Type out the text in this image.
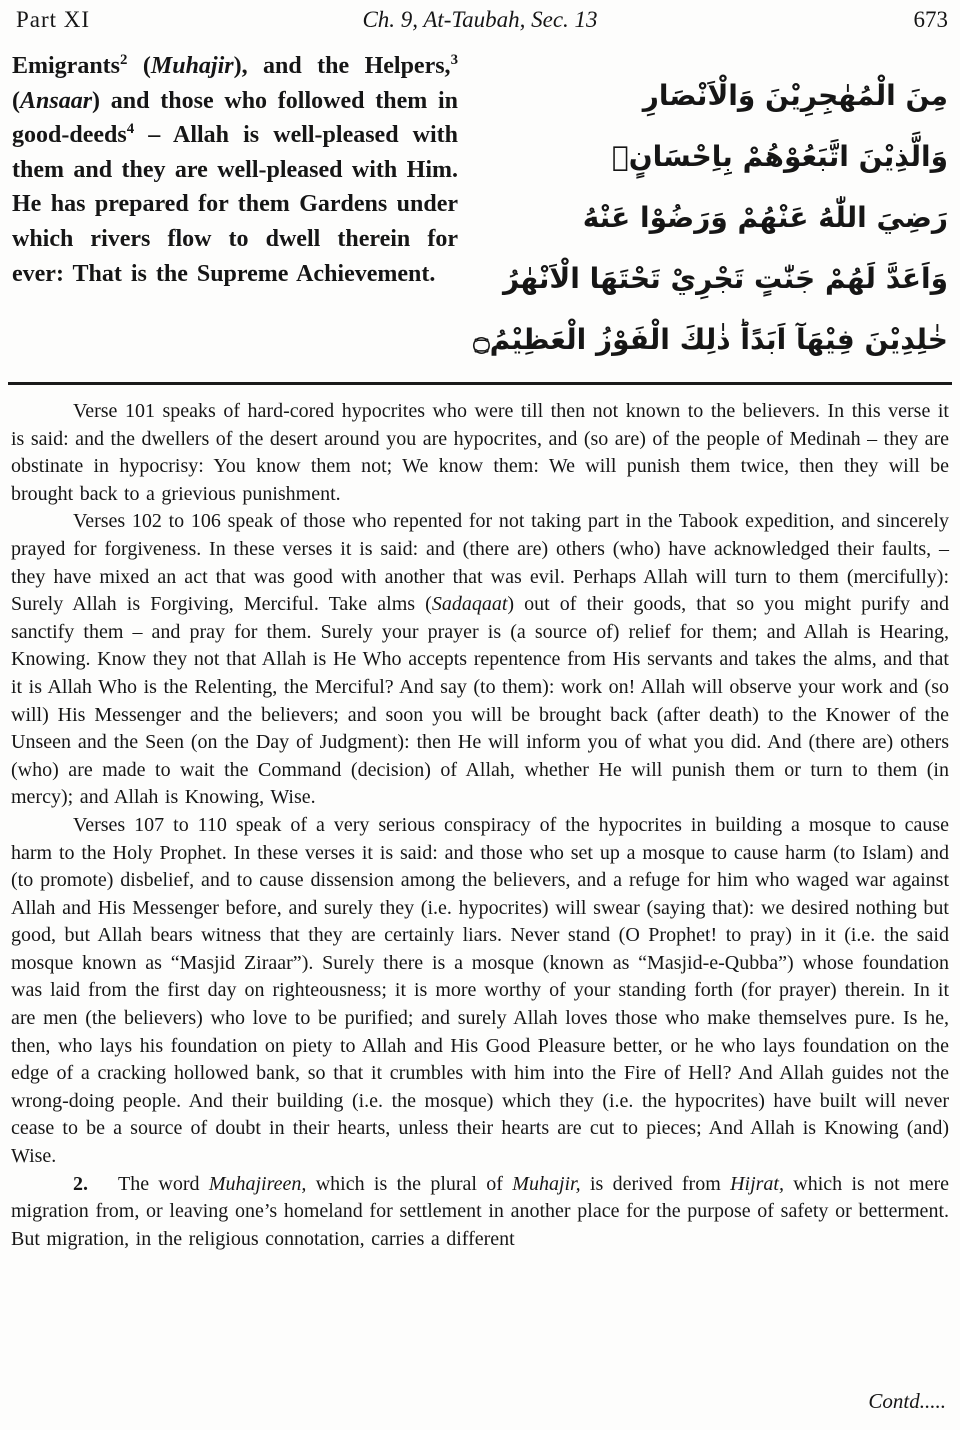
Part XI	Ch. 9, At-Taubah, Sec. 13	673
Emigrants$^2$ (Muhajir), and the Helpers,$^3$ (Ansaar) and those who followed them in good-deeds$^4$ – Allah is well-pleased with them and they are well-pleased with Him. He has prepared for them Gardens under which rivers flow to dwell therein for ever: That is the Supreme Achievement.
مِنَ الْمُهٰجِرِيْنَ وَالْاَنْصَارِ
وَالَّذِيْنَ اتَّبَعُوْهُمْ بِاِحْسَانٍۙ
رَضِيَ اللّٰهُ عَنْهُمْ وَرَضُوْا عَنْهُ
وَاَعَدَّ لَهُمْ جَنّٰتٍ تَجْرِيْ تَحْتَهَا الْاَنْهٰرُ
خٰلِدِيْنَ فِيْهَآ اَبَدًاؕ ذٰلِكَ الْفَوْزُ الْعَظِيْمُ۝

Verse 101 speaks of hard-cored hypocrites who were till then not known to the believers. In this verse it is said: and the dwellers of the desert around you are hypocrites, and (so are) of the people of Medinah – they are obstinate in hypocrisy: You know them not; We know them: We will punish them twice, then they will be brought back to a grievious punishment.

Verses 102 to 106 speak of those who repented for not taking part in the Tabook expedition, and sincerely prayed for forgiveness. In these verses it is said: and (there are) others (who) have acknowledged their faults, – they have mixed an act that was good with another that was evil. Perhaps Allah will turn to them (mercifully): Surely Allah is Forgiving, Merciful. Take alms (Sadaqaat) out of their goods, that so you might purify and sanctify them – and pray for them. Surely your prayer is (a source of) relief for them; and Allah is Hearing, Knowing. Know they not that Allah is He Who accepts repentence from His servants and takes the alms, and that it is Allah Who is the Relenting, the Merciful? And say (to them): work on! Allah will observe your work and (so will) His Messenger and the believers; and soon you will be brought back (after death) to the Knower of the Unseen and the Seen (on the Day of Judgment): then He will inform you of what you did. And (there are) others (who) are made to wait the Command (decision) of Allah, whether He will punish them or turn to them (in mercy); and Allah is Knowing, Wise.

Verses 107 to 110 speak of a very serious conspiracy of the hypocrites in building a mosque to cause harm to the Holy Prophet. In these verses it is said: and those who set up a mosque to cause harm (to Islam) and (to promote) disbelief, and to cause dissension among the believers, and a refuge for him who waged war against Allah and His Messenger before, and surely they (i.e. hypocrites) will swear (saying that): we desired nothing but good, but Allah bears witness that they are certainly liars. Never stand (O Prophet! to pray) in it (i.e. the said mosque known as “Masjid Ziraar”). Surely there is a mosque (known as “Masjid-e-Qubba”) whose foundation was laid from the first day on righteousness; it is more worthy of your standing forth (for prayer) therein. In it are men (the believers) who love to be purified; and surely Allah loves those who make themselves pure. Is he, then, who lays his foundation on piety to Allah and His Good Pleasure better, or he who lays foundation on the edge of a cracking hollowed bank, so that it crumbles with him into the Fire of Hell? And Allah guides not the wrong-doing people. And their building (i.e. the mosque) which they (i.e. the hypocrites) have built will never cease to be a source of doubt in their hearts, unless their hearts are cut to pieces; And Allah is Knowing (and) Wise.

2.   The word Muhajireen, which is the plural of Muhajir, is derived from Hijrat, which is not mere migration from, or leaving one’s homeland for settlement in another place for the purpose of safety or betterment. But migration, in the religious connotation, carries a different

Contd.....
